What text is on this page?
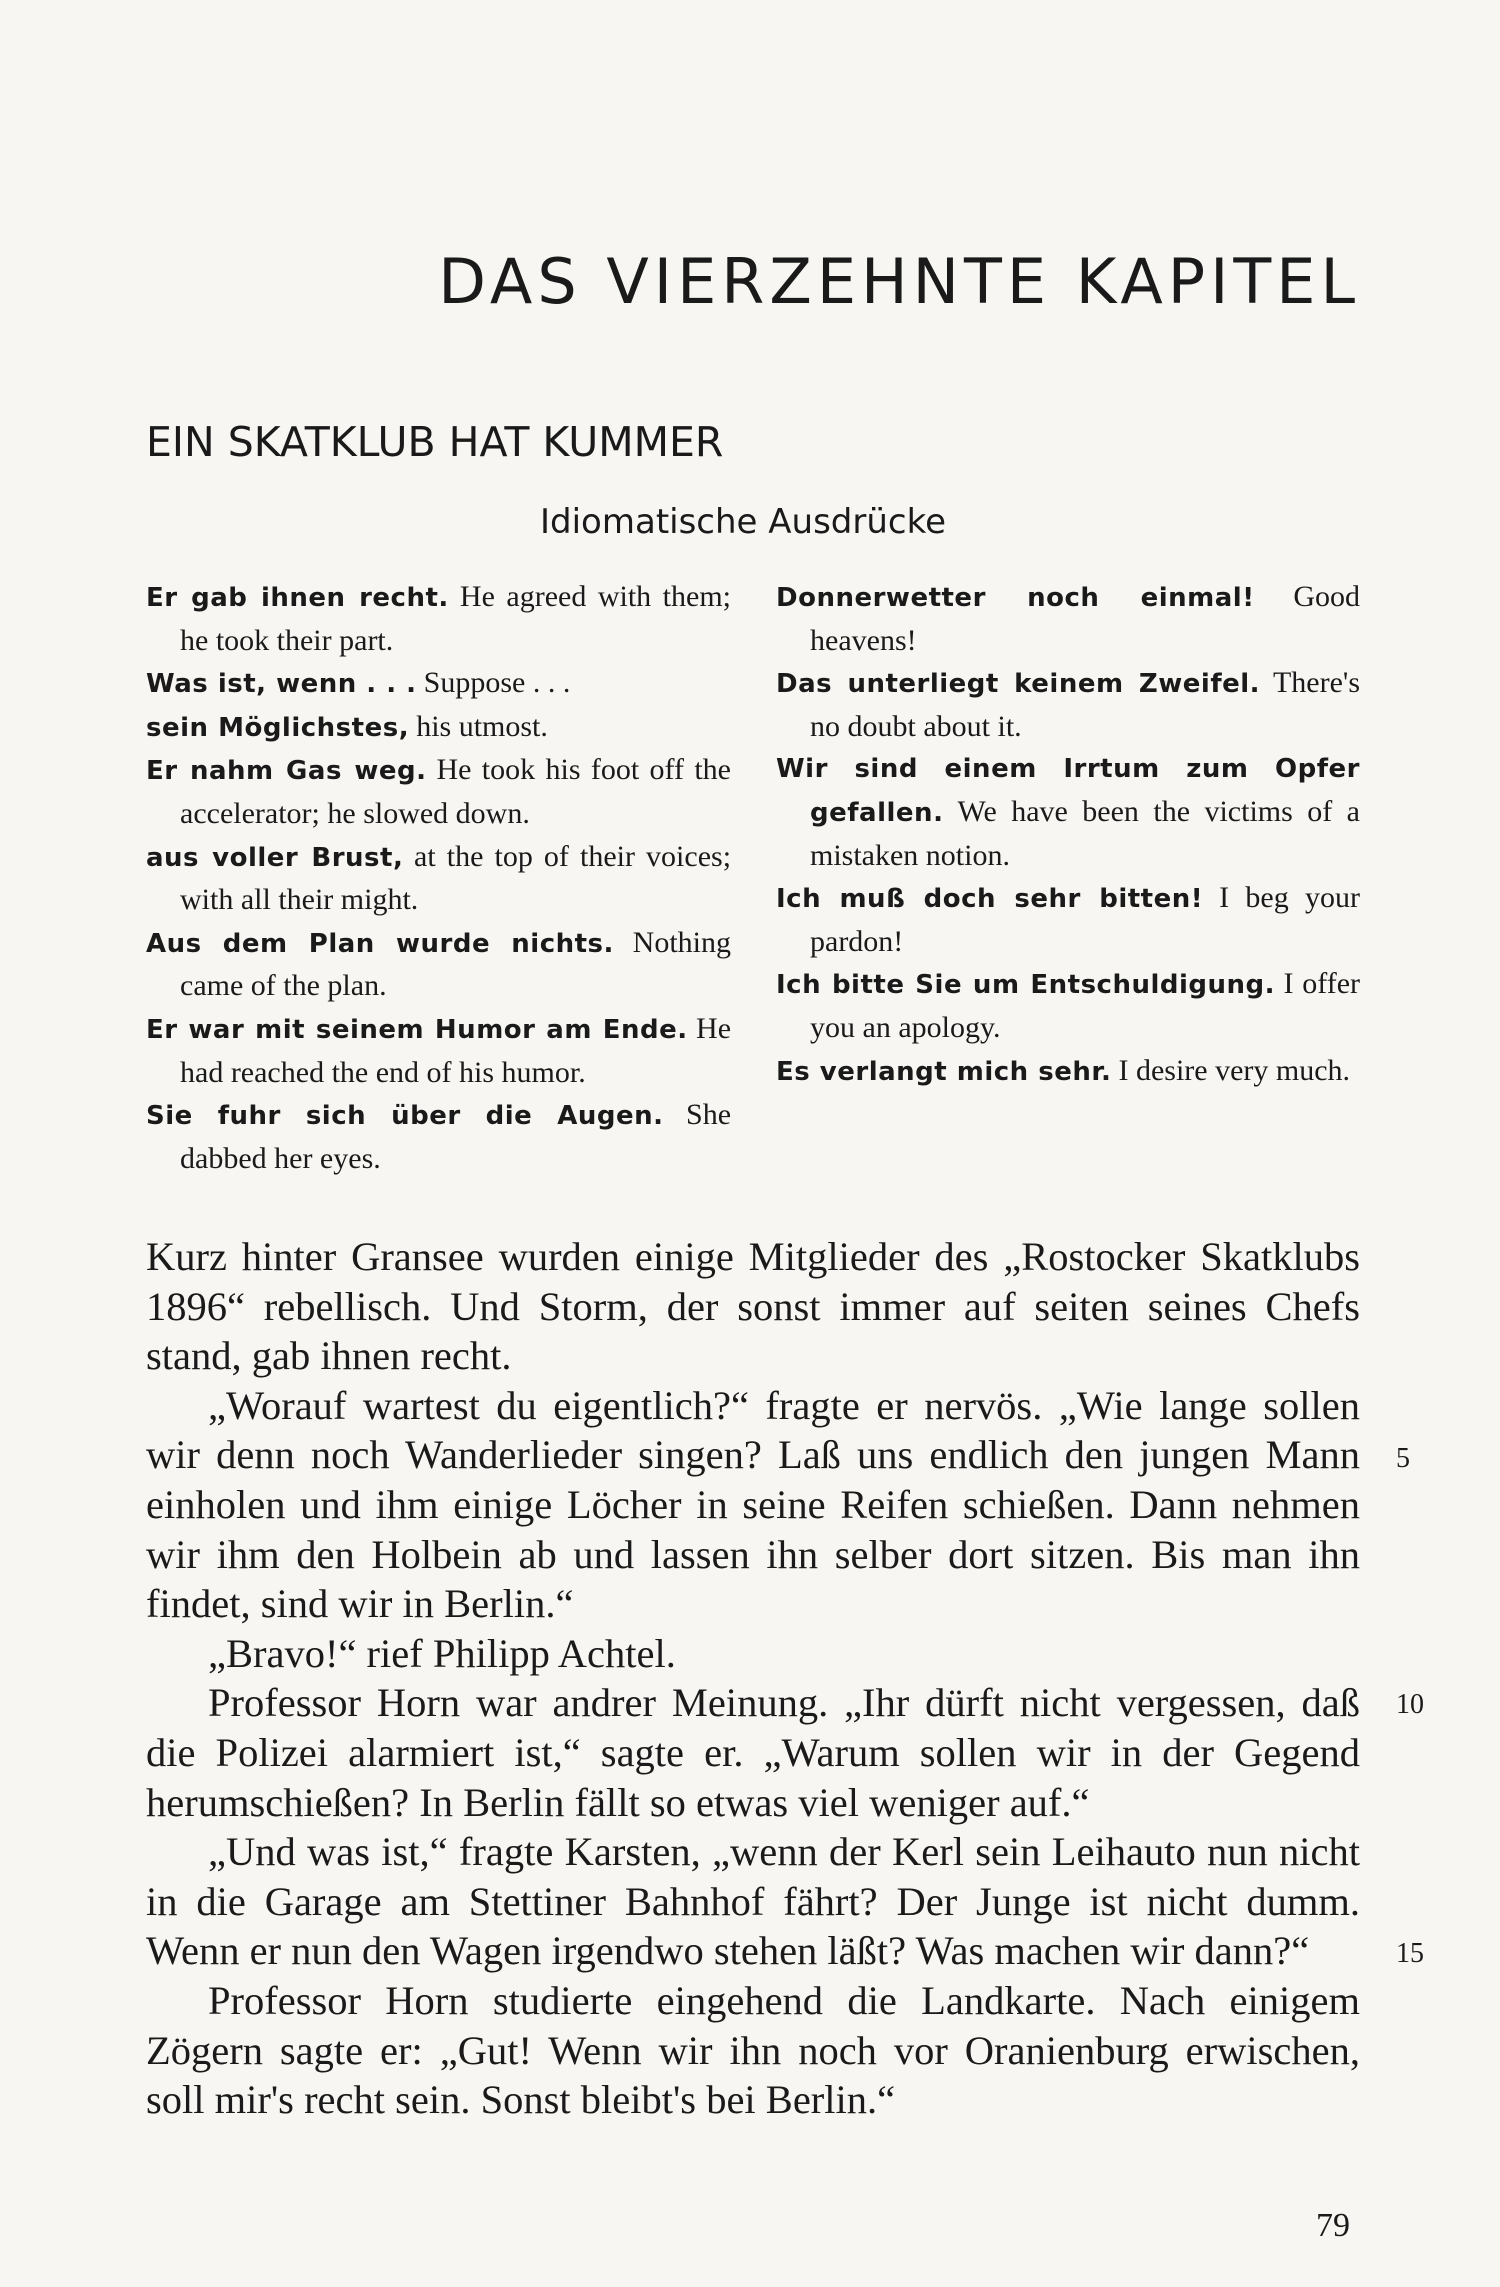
DAS VIERZEHNTE KAPITEL
EIN SKATKLUB HAT KUMMER
Idiomatische Ausdrücke
Er gab ihnen recht. He agreed with them; he took their part.
Was ist, wenn . . . Suppose . . .
sein Möglichstes, his utmost.
Er nahm Gas weg. He took his foot off the accelerator; he slowed down.
aus voller Brust, at the top of their voices; with all their might.
Aus dem Plan wurde nichts. Nothing came of the plan.
Er war mit seinem Humor am Ende. He had reached the end of his humor.
Sie fuhr sich über die Augen. She dabbed her eyes.
Donnerwetter noch einmal! Good heavens!
Das unterliegt keinem Zweifel. There's no doubt about it.
Wir sind einem Irrtum zum Opfer gefallen. We have been the victims of a mistaken notion.
Ich muß doch sehr bitten! I beg your pardon!
Ich bitte Sie um Entschuldigung. I offer you an apology.
Es verlangt mich sehr. I desire very much.

Kurz hinter Gransee wurden einige Mitglieder des „Rostocker Skatklubs 1896“ rebellisch. Und Storm, der sonst immer auf seiten seines Chefs stand, gab ihnen recht.

„Worauf wartest du eigentlich?“ fragte er nervös. „Wie lange sollen wir denn noch Wanderlieder singen? Laß uns endlich den jungen Mann einholen und ihm einige Löcher in seine Reifen schießen. Dann nehmen wir ihm den Holbein ab und lassen ihn selber dort sitzen. Bis man ihn findet, sind wir in Berlin.“

„Bravo!“ rief Philipp Achtel.

Professor Horn war andrer Meinung. „Ihr dürft nicht vergessen, daß die Polizei alarmiert ist,“ sagte er. „Warum sollen wir in der Gegend herumschießen? In Berlin fällt so etwas viel weniger auf.“

„Und was ist,“ fragte Karsten, „wenn der Kerl sein Leihauto nun nicht in die Garage am Stettiner Bahnhof fährt? Der Junge ist nicht dumm. Wenn er nun den Wagen irgendwo stehen läßt? Was machen wir dann?“

Professor Horn studierte eingehend die Landkarte. Nach einigem Zögern sagte er: „Gut! Wenn wir ihn noch vor Oranienburg erwischen, soll mir's recht sein. Sonst bleibt's bei Berlin.“

5
10
15
79
